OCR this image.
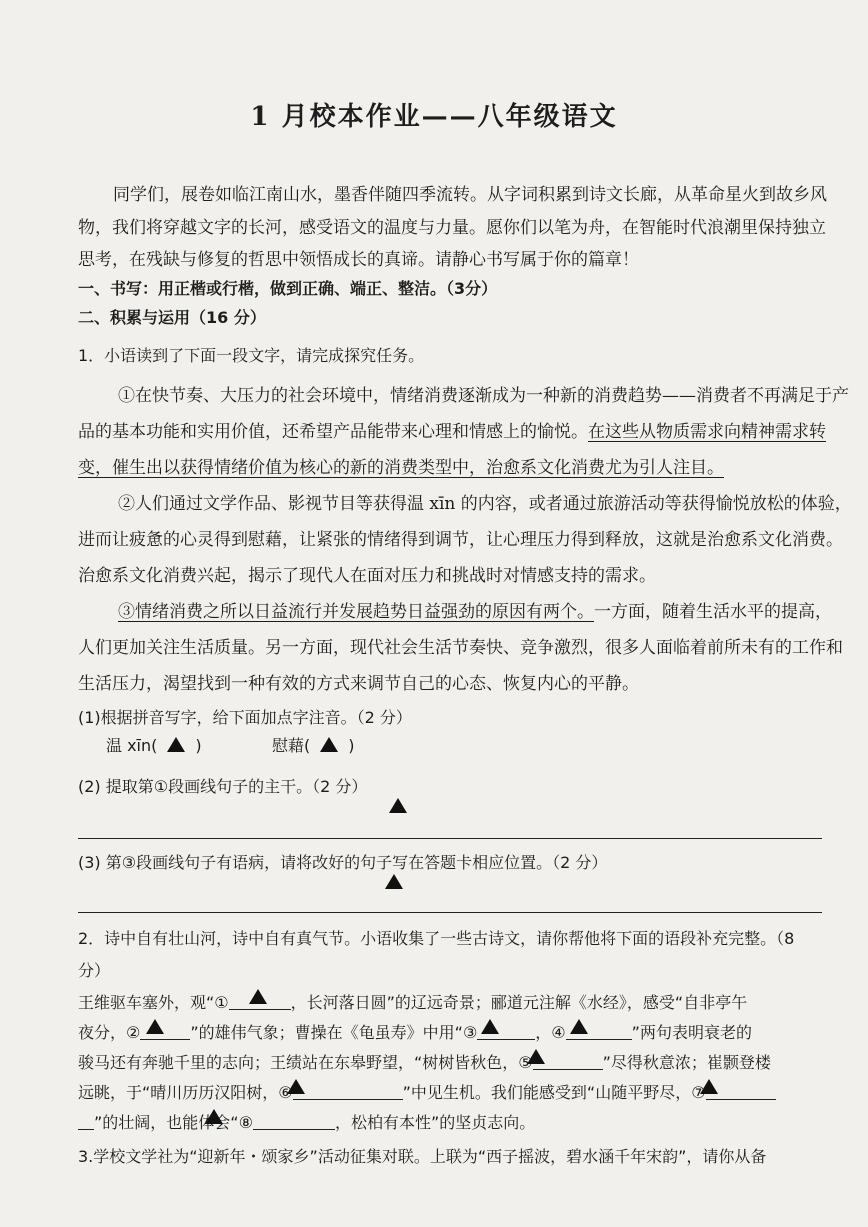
1 月校本作业——八年级语文
同学们，展卷如临江南山水，墨香伴随四季流转。从字词积累到诗文长廊，从革命星火到故乡风
物，我们将穿越文字的长河，感受语文的温度与力量。愿你们以笔为舟，在智能时代浪潮里保持独立
思考，在残缺与修复的哲思中领悟成长的真谛。请静心书写属于你的篇章！
一、书写：用正楷或行楷，做到正确、端正、整洁。（3分）
二、积累与运用（16 分）
1．小语读到了下面一段文字，请完成探究任务。
①在快节奏、大压力的社会环境中，情绪消费逐渐成为一种新的消费趋势——消费者不再满足于产
品的基本功能和实用价值，还希望产品能带来心理和情感上的愉悦。在这些从物质需求向精神需求转
变，催生出以获得情绪价值为核心的新的消费类型中，治愈系文化消费尤为引人注目。
②人们通过文学作品、影视节目等获得温 xīn 的内容，或者通过旅游活动等获得愉悦放松的体验，
进而让疲惫的心灵得到慰藉，让紧张的情绪得到调节，让心理压力得到释放，这就是治愈系文化消费。
治愈系文化消费兴起，揭示了现代人在面对压力和挑战时对情感支持的需求。
③情绪消费之所以日益流行并发展趋势日益强劲的原因有两个。一方面，随着生活水平的提高，
人们更加关注生活质量。另一方面，现代社会生活节奏快、竞争激烈，很多人面临着前所未有的工作和
生活压力，渴望找到一种有效的方式来调节自己的心态、恢复内心的平静。
(1)根据拼音写字，给下面加点字注音。（2 分）
温 xīn( )	慰藉( )
(2) 提取第①段画线句子的主干。（2 分）
(3) 第③段画线句子有语病，请将改好的句子写在答题卡相应位置。（2 分）
2．诗中自有壮山河，诗中自有真气节。小语收集了一些古诗文，请你帮他将下面的语段补充完整。（8
分）
王维驱车塞外，观“①	，长河落日圆”的辽远奇景；郦道元注解《水经》，感受“自非亭午
夜分，②	”的雄伟气象；曹操在《龟虽寿》中用“③	，④	”两句表明衰老的
骏马还有奔驰千里的志向；王绩站在东皋野望，“树树皆秋色，⑤	”尽得秋意浓；崔颢登楼
远眺，于“晴川历历汉阳树，⑥	”中见生机。我们能感受到“山随平野尽，⑦
”的壮阔，也能体会“⑧	，松柏有本性”的坚贞志向。
3.学校文学社为“迎新年・颂家乡”活动征集对联。上联为“西子摇波，碧水涵千年宋韵”，请你从备
